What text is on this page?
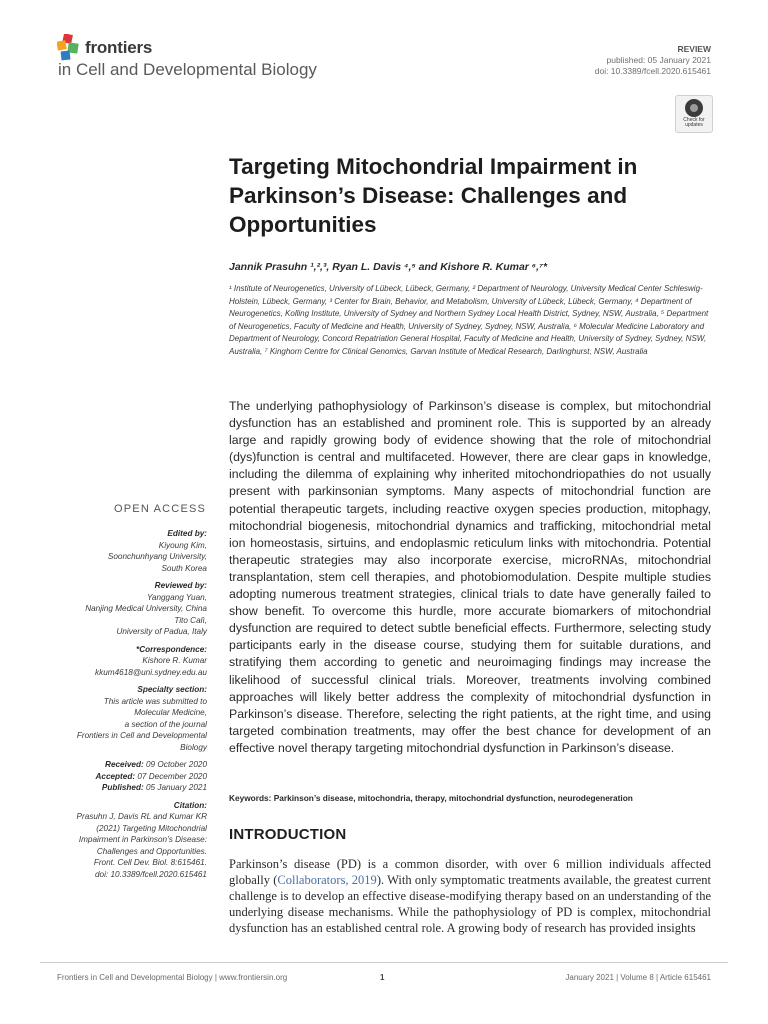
frontiers
in Cell and Developmental Biology
REVIEW
published: 05 January 2021
doi: 10.3389/fcell.2020.615461
Check for
updates
Targeting Mitochondrial Impairment in Parkinson’s Disease: Challenges and Opportunities
Jannik Prasuhn ¹,²,³, Ryan L. Davis ⁴,⁵ and Kishore R. Kumar ⁶,⁷*
¹ Institute of Neurogenetics, University of Lübeck, Lübeck, Germany, ² Department of Neurology, University Medical Center Schleswig-Holstein, Lübeck, Germany, ³ Center for Brain, Behavior, and Metabolism, University of Lübeck, Lübeck, Germany, ⁴ Department of Neurogenetics, Kolling Institute, University of Sydney and Northern Sydney Local Health District, Sydney, NSW, Australia, ⁵ Department of Neurogenetics, Faculty of Medicine and Health, University of Sydney, Sydney, NSW, Australia, ⁶ Molecular Medicine Laboratory and Department of Neurology, Concord Repatriation General Hospital, Faculty of Medicine and Health, University of Sydney, Sydney, NSW, Australia, ⁷ Kinghorn Centre for Clinical Genomics, Garvan Institute of Medical Research, Darlinghurst, NSW, Australia
OPEN ACCESS
Edited by:
Kiyoung Kim,
Soonchunhyang University,
South Korea
Reviewed by:
Yanggang Yuan,
Nanjing Medical University, China
Tito Calì,
University of Padua, Italy
*Correspondence:
Kishore R. Kumar
kkum4618@uni.sydney.edu.au
Specialty section:
This article was submitted to
Molecular Medicine,
a section of the journal
Frontiers in Cell and Developmental
Biology
Received: 09 October 2020
Accepted: 07 December 2020
Published: 05 January 2021
Citation:
Prasuhn J, Davis RL and Kumar KR
(2021) Targeting Mitochondrial
Impairment in Parkinson’s Disease:
Challenges and Opportunities.
Front. Cell Dev. Biol. 8:615461.
doi: 10.3389/fcell.2020.615461
The underlying pathophysiology of Parkinson’s disease is complex, but mitochondrial dysfunction has an established and prominent role. This is supported by an already large and rapidly growing body of evidence showing that the role of mitochondrial (dys)function is central and multifaceted. However, there are clear gaps in knowledge, including the dilemma of explaining why inherited mitochondriopathies do not usually present with parkinsonian symptoms. Many aspects of mitochondrial function are potential therapeutic targets, including reactive oxygen species production, mitophagy, mitochondrial biogenesis, mitochondrial dynamics and trafficking, mitochondrial metal ion homeostasis, sirtuins, and endoplasmic reticulum links with mitochondria. Potential therapeutic strategies may also incorporate exercise, microRNAs, mitochondrial transplantation, stem cell therapies, and photobiomodulation. Despite multiple studies adopting numerous treatment strategies, clinical trials to date have generally failed to show benefit. To overcome this hurdle, more accurate biomarkers of mitochondrial dysfunction are required to detect subtle beneficial effects. Furthermore, selecting study participants early in the disease course, studying them for suitable durations, and stratifying them according to genetic and neuroimaging findings may increase the likelihood of successful clinical trials. Moreover, treatments involving combined approaches will likely better address the complexity of mitochondrial dysfunction in Parkinson’s disease. Therefore, selecting the right patients, at the right time, and using targeted combination treatments, may offer the best chance for development of an effective novel therapy targeting mitochondrial dysfunction in Parkinson’s disease.
Keywords: Parkinson’s disease, mitochondria, therapy, mitochondrial dysfunction, neurodegeneration
INTRODUCTION
Parkinson’s disease (PD) is a common disorder, with over 6 million individuals affected globally (Collaborators, 2019). With only symptomatic treatments available, the greatest current challenge is to develop an effective disease-modifying therapy based on an understanding of the underlying disease mechanisms. While the pathophysiology of PD is complex, mitochondrial dysfunction has an established central role. A growing body of research has provided insights
Frontiers in Cell and Developmental Biology | www.frontiersin.org	1	January 2021 | Volume 8 | Article 615461
